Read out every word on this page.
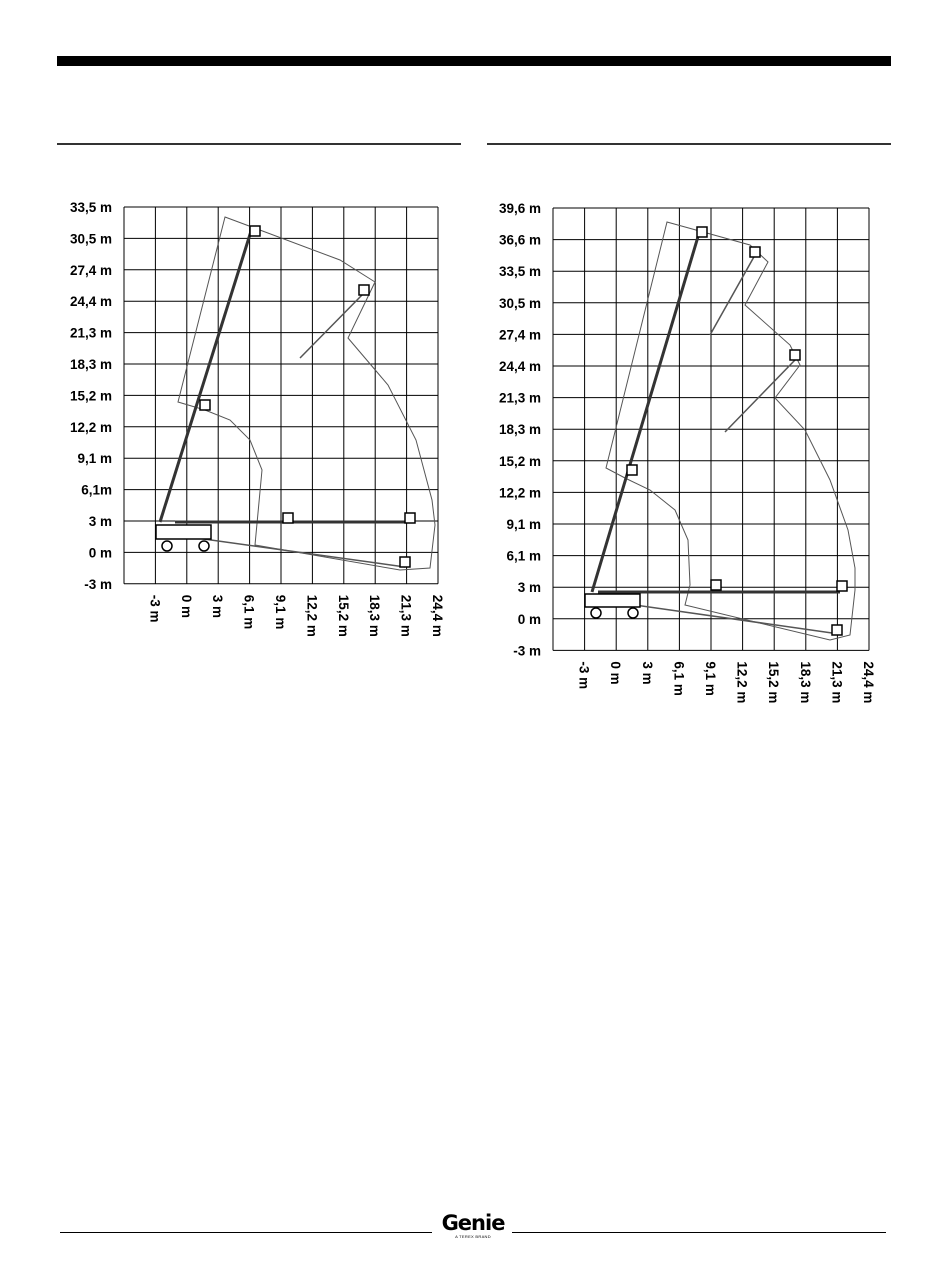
33,5 m
30,5 m
27,4 m
24,4 m
21,3 m
18,3 m
15,2 m
12,2 m
9,1 m
6,1m
3 m
0 m
-3 m
-3 m 0 m 3 m 6,1 m 9,1 m 12,2 m 15,2 m 18,3 m 21,3 m 24,4 m
39,6 m
36,6 m
33,5 m
30,5 m
27,4 m
24,4 m
21,3 m
18,3 m
15,2 m
12,2 m
9,1 m
6,1 m
3 m
0 m
-3 m
-3 m 0 m 3 m 6,1 m 9,1 m 12,2 m 15,2 m 18,3 m 21,3 m 24,4 m
Genie
A TEREX BRAND
